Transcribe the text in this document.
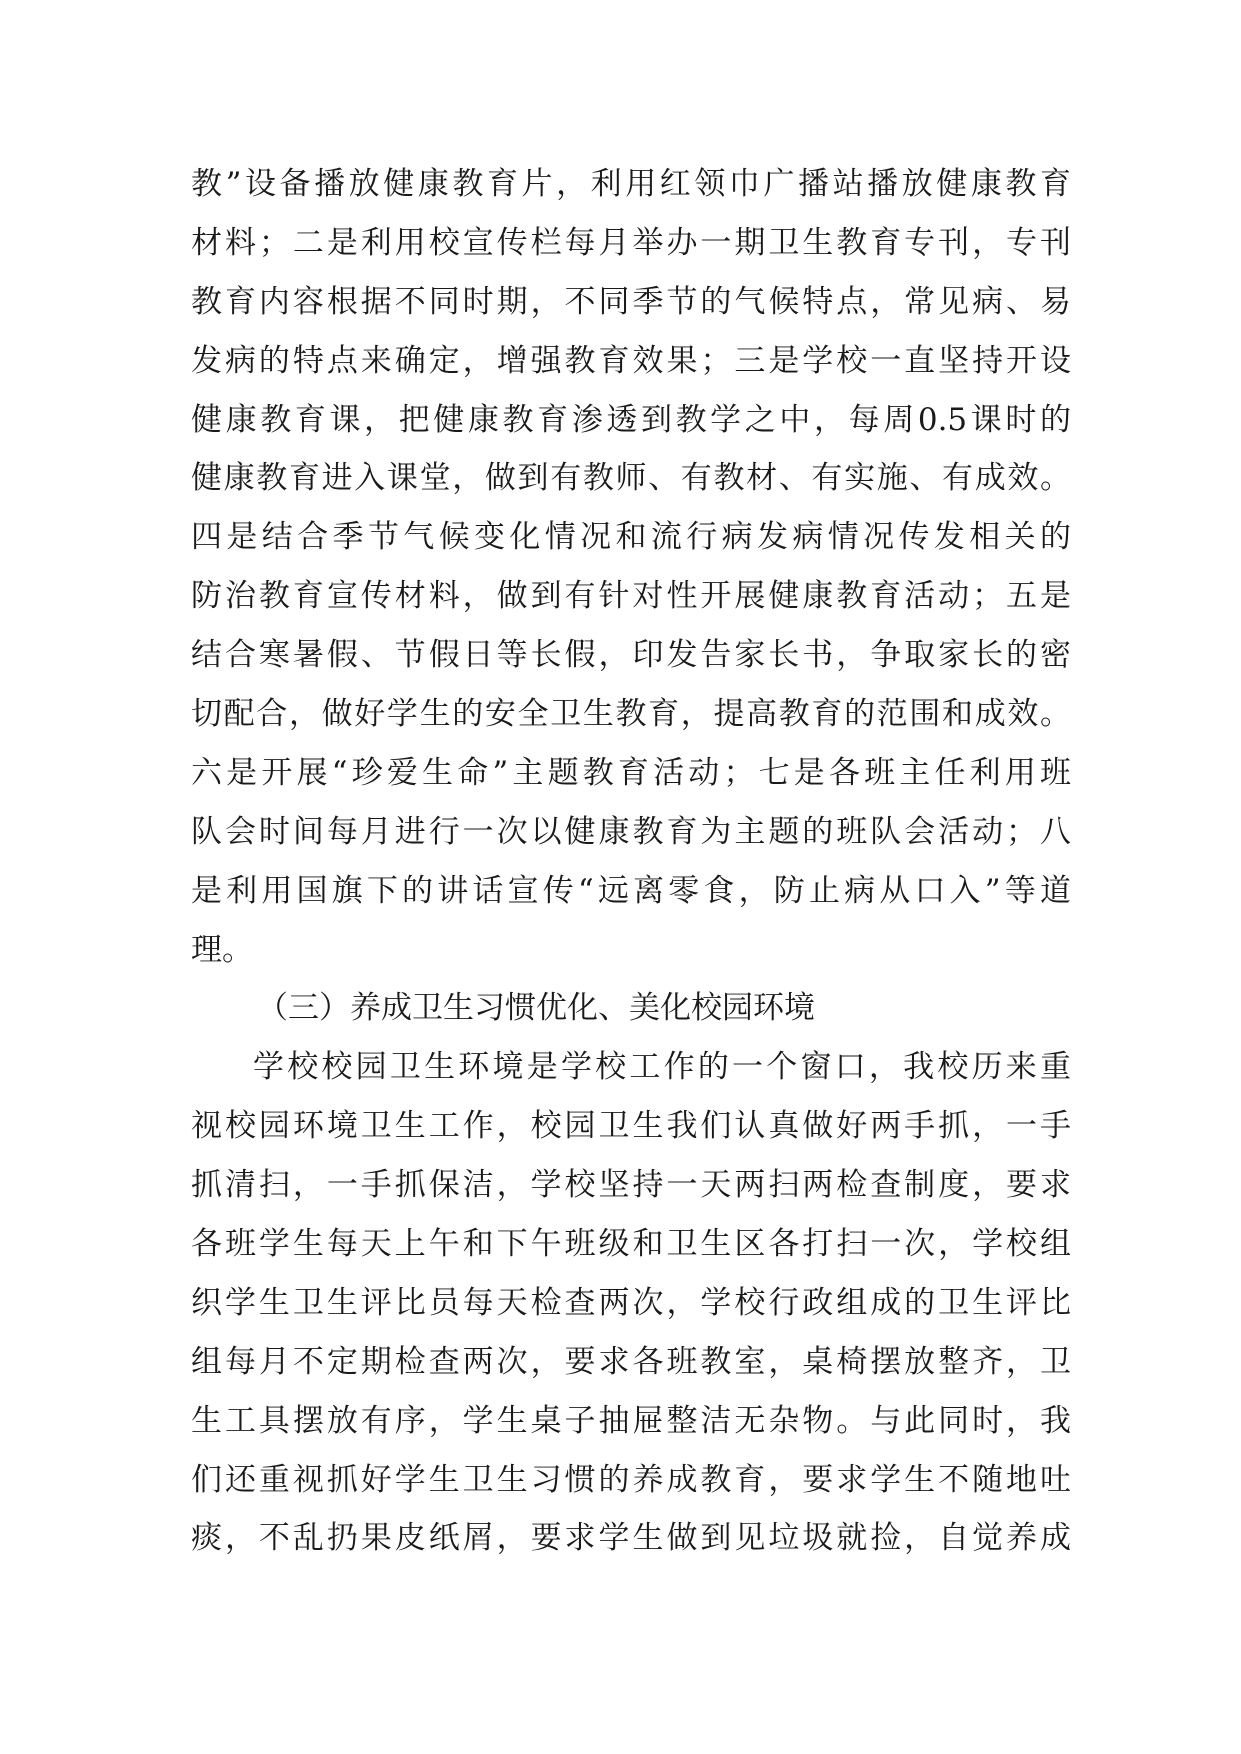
教”设备播放健康教育片，利用红领巾广播站播放健康教育
材料；二是利用校宣传栏每月举办一期卫生教育专刊，专刊
教育内容根据不同时期，不同季节的气候特点，常见病、易
发病的特点来确定，增强教育效果；三是学校一直坚持开设
健康教育课，把健康教育渗透到教学之中，每周0.5课时的
健康教育进入课堂，做到有教师、有教材、有实施、有成效。
四是结合季节气候变化情况和流行病发病情况传发相关的
防治教育宣传材料，做到有针对性开展健康教育活动；五是
结合寒暑假、节假日等长假，印发告家长书，争取家长的密
切配合，做好学生的安全卫生教育，提高教育的范围和成效。
六是开展“珍爱生命”主题教育活动；七是各班主任利用班
队会时间每月进行一次以健康教育为主题的班队会活动；八
是利用国旗下的讲话宣传“远离零食，防止病从口入”等道
理。
（三）养成卫生习惯优化、美化校园环境
学校校园卫生环境是学校工作的一个窗口，我校历来重
视校园环境卫生工作，校园卫生我们认真做好两手抓，一手
抓清扫，一手抓保洁，学校坚持一天两扫两检查制度，要求
各班学生每天上午和下午班级和卫生区各打扫一次，学校组
织学生卫生评比员每天检查两次，学校行政组成的卫生评比
组每月不定期检查两次，要求各班教室，桌椅摆放整齐，卫
生工具摆放有序，学生桌子抽屉整洁无杂物。与此同时，我
们还重视抓好学生卫生习惯的养成教育，要求学生不随地吐
痰，不乱扔果皮纸屑，要求学生做到见垃圾就捡，自觉养成
